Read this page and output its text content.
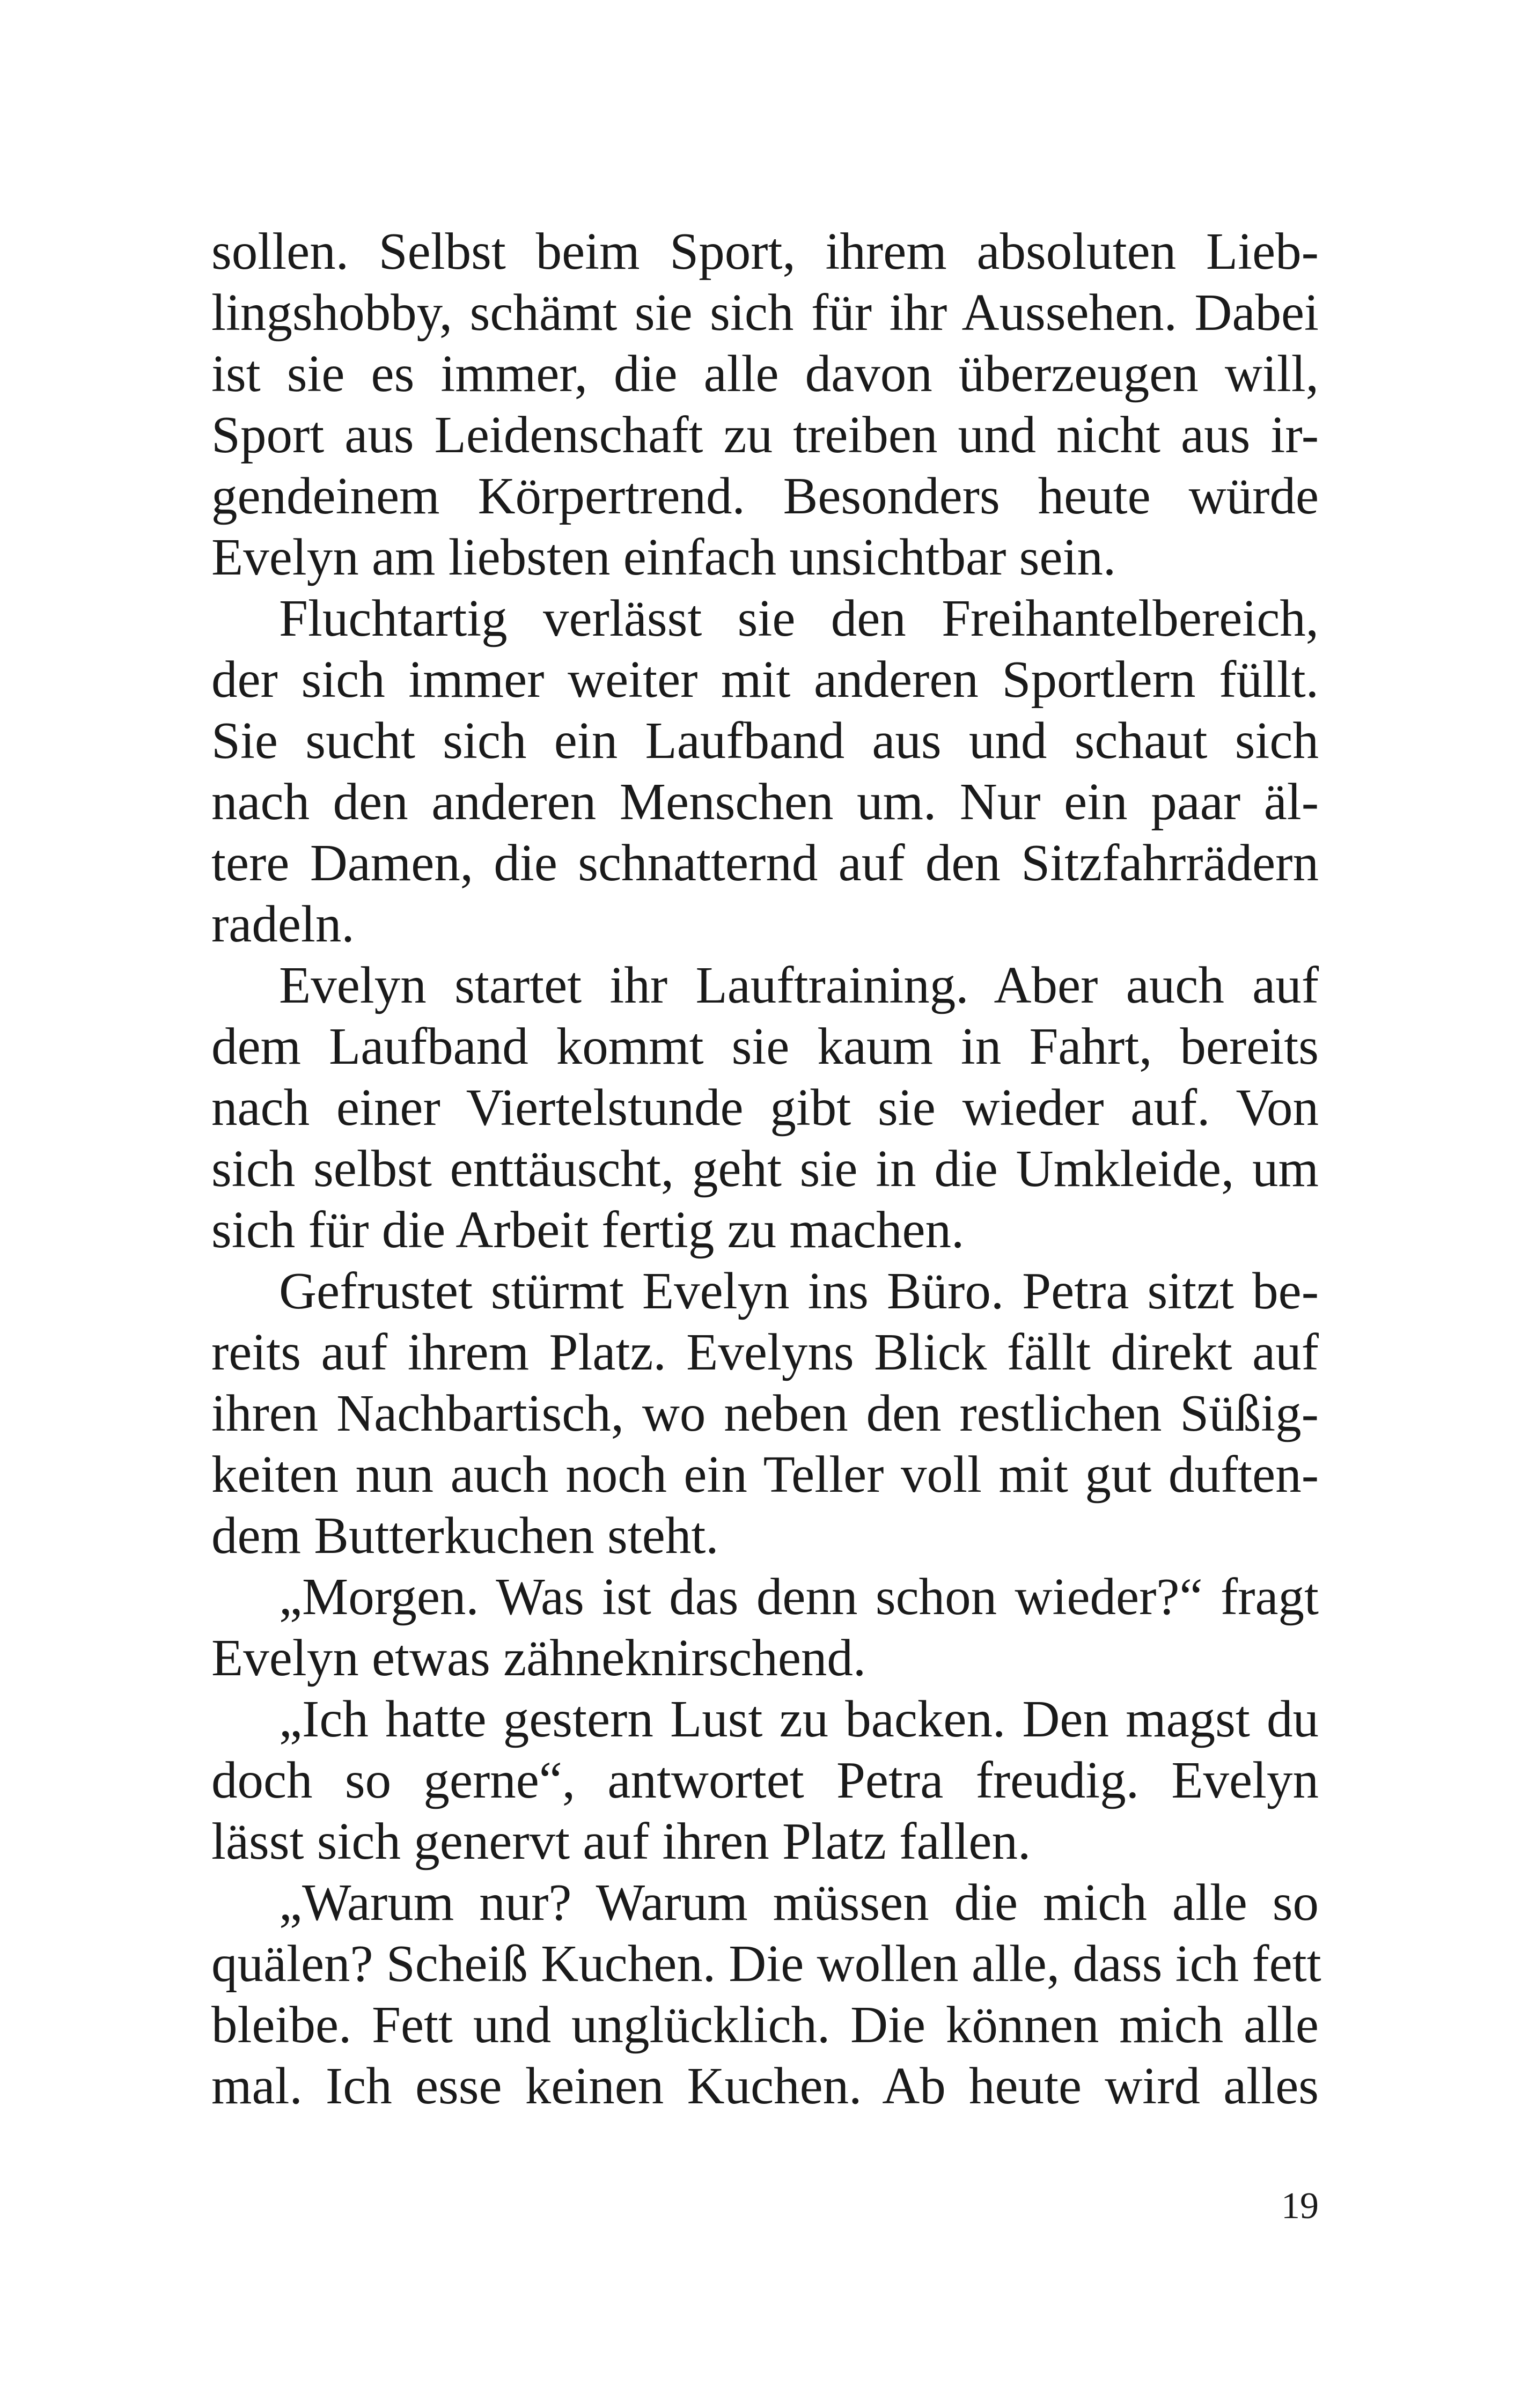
sollen. Selbst beim Sport, ihrem absoluten Lieb-
lingshobby, schämt sie sich für ihr Aussehen. Dabei
ist sie es immer, die alle davon überzeugen will,
Sport aus Leidenschaft zu treiben und nicht aus ir-
gendeinem Körpertrend. Besonders heute würde
Evelyn am liebsten einfach unsichtbar sein.
Fluchtartig verlässt sie den Freihantelbereich,
der sich immer weiter mit anderen Sportlern füllt.
Sie sucht sich ein Laufband aus und schaut sich
nach den anderen Menschen um. Nur ein paar äl-
tere Damen, die schnatternd auf den Sitzfahrrädern
radeln.
Evelyn startet ihr Lauftraining. Aber auch auf
dem Laufband kommt sie kaum in Fahrt, bereits
nach einer Viertelstunde gibt sie wieder auf. Von
sich selbst enttäuscht, geht sie in die Umkleide, um
sich für die Arbeit fertig zu machen.
Gefrustet stürmt Evelyn ins Büro. Petra sitzt be-
reits auf ihrem Platz. Evelyns Blick fällt direkt auf
ihren Nachbartisch, wo neben den restlichen Süßig-
keiten nun auch noch ein Teller voll mit gut duften-
dem Butterkuchen steht.
„Morgen. Was ist das denn schon wieder?“ fragt
Evelyn etwas zähneknirschend.
„Ich hatte gestern Lust zu backen. Den magst du
doch so gerne“, antwortet Petra freudig. Evelyn
lässt sich genervt auf ihren Platz fallen.
„Warum nur? Warum müssen die mich alle so
quälen? Scheiß Kuchen. Die wollen alle, dass ich fett
bleibe. Fett und unglücklich. Die können mich alle
mal. Ich esse keinen Kuchen. Ab heute wird alles
19
